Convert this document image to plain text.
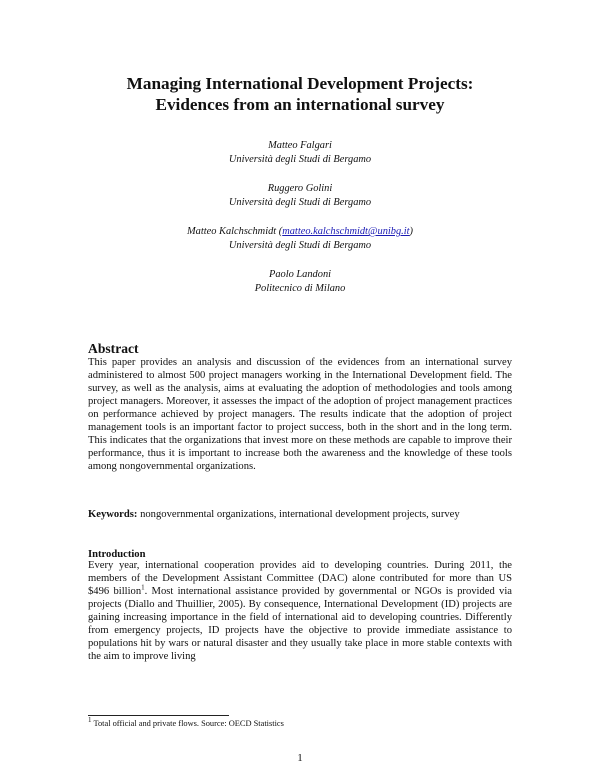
Managing International Development Projects:
Evidences from an international survey
Matteo Falgari
Università degli Studi di Bergamo
Ruggero Golini
Università degli Studi di Bergamo
Matteo Kalchschmidt (matteo.kalchschmidt@unibg.it)
Università degli Studi di Bergamo
Paolo Landoni
Politecnico di Milano
Abstract
This paper provides an analysis and discussion of the evidences from an international survey administered to almost 500 project managers working in the International Development field. The survey, as well as the analysis, aims at evaluating the adoption of methodologies and tools among project managers. Moreover, it assesses the impact of the adoption of project management practices on performance achieved by project managers. The results indicate that the adoption of project management tools is an important factor to project success, both in the short and in the long term. This indicates that the organizations that invest more on these methods are capable to improve their performance, thus it is important to increase both the awareness and the knowledge of these tools among nongovernmental organizations.
Keywords: nongovernmental organizations, international development projects, survey
Introduction
Every year, international cooperation provides aid to developing countries. During 2011, the members of the Development Assistant Committee (DAC) alone contributed for more than US $496 billion$^1$. Most international assistance provided by governmental or NGOs is provided via projects (Diallo and Thuillier, 2005). By consequence, International Development (ID) projects are gaining increasing importance in the field of international aid to developing countries. Differently from emergency projects, ID projects have the objective to provide immediate assistance to populations hit by wars or natural disaster and they usually take place in more stable contexts with the aim to improve living
$^1$ Total official and private flows. Source: OECD Statistics
1
